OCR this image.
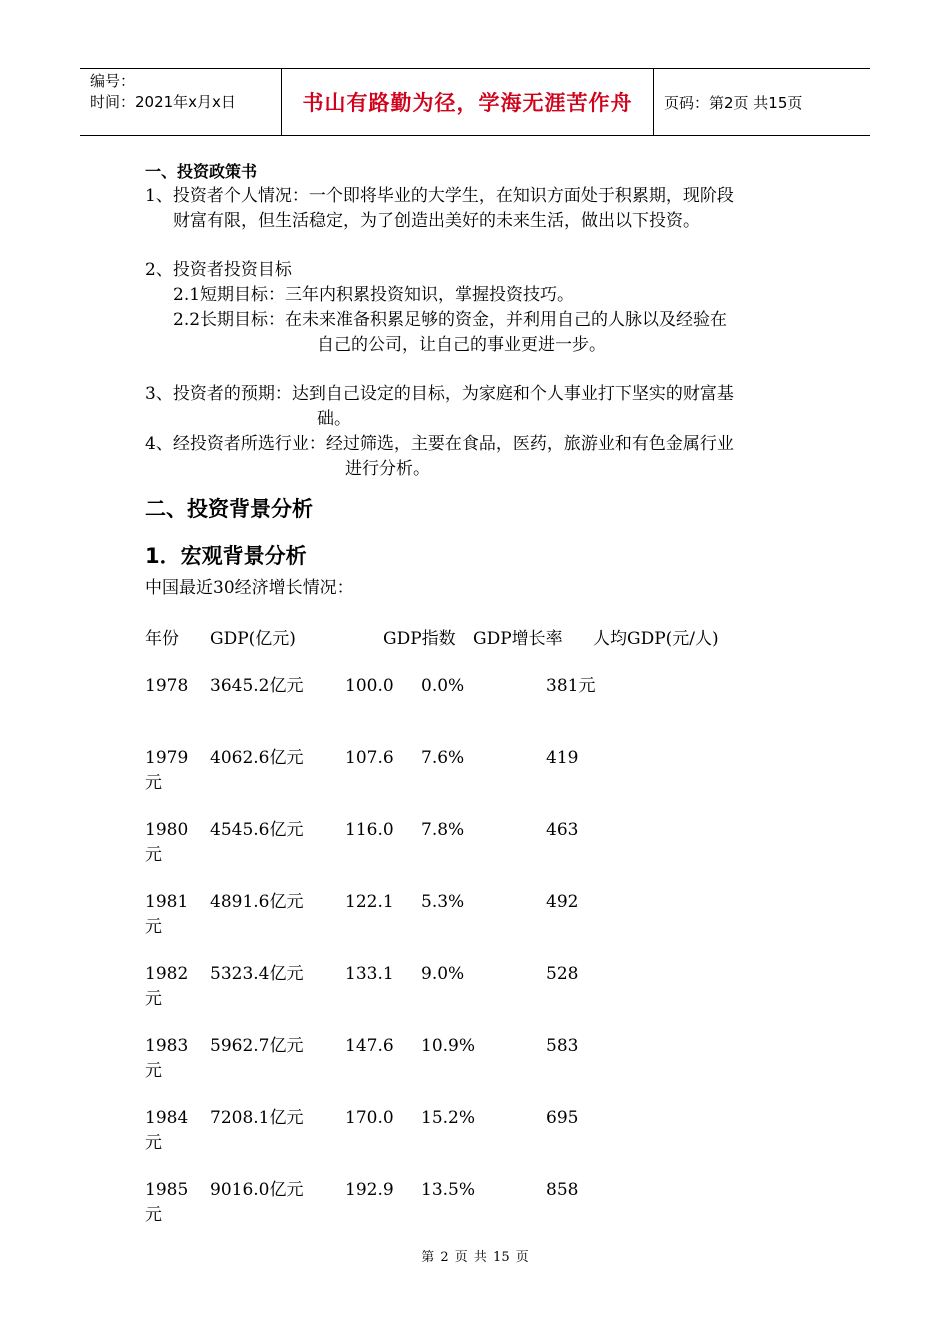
编号：
时间：2021年x月x日	书山有路勤为径，学海无涯苦作舟	页码：第2页 共15页
一、投资政策书
1、投资者个人情况：一个即将毕业的大学生，在知识方面处于积累期，现阶段
财富有限，但生活稳定，为了创造出美好的未来生活，做出以下投资。
2、投资者投资目标
2.1短期目标：三年内积累投资知识，掌握投资技巧。
2.2长期目标：在未来准备积累足够的资金，并利用自己的人脉以及经验在
自己的公司，让自己的事业更进一步。
3、投资者的预期：达到自己设定的目标，为家庭和个人事业打下坚实的财富基
础。
4、经投资者所选行业：经过筛选，主要在食品，医药，旅游业和有色金属行业
进行分析。
二、投资背景分析
1．宏观背景分析
中国最近30经济增长情况：
年份 GDP(亿元)	GDP指数 GDP增长率 人均GDP(元/人)
1978 3645.2亿元 100.0 0.0%	381元
1979 4062.6亿元 107.6 7.6%	419
元
1980 4545.6亿元 116.0 7.8%	463
元
1981 4891.6亿元 122.1 5.3%	492
元
1982 5323.4亿元 133.1 9.0%	528
元
1983 5962.7亿元 147.6 10.9%	583
元
1984 7208.1亿元 170.0 15.2%	695
元
1985 9016.0亿元 192.9 13.5%	858
元
第 2 页 共 15 页
